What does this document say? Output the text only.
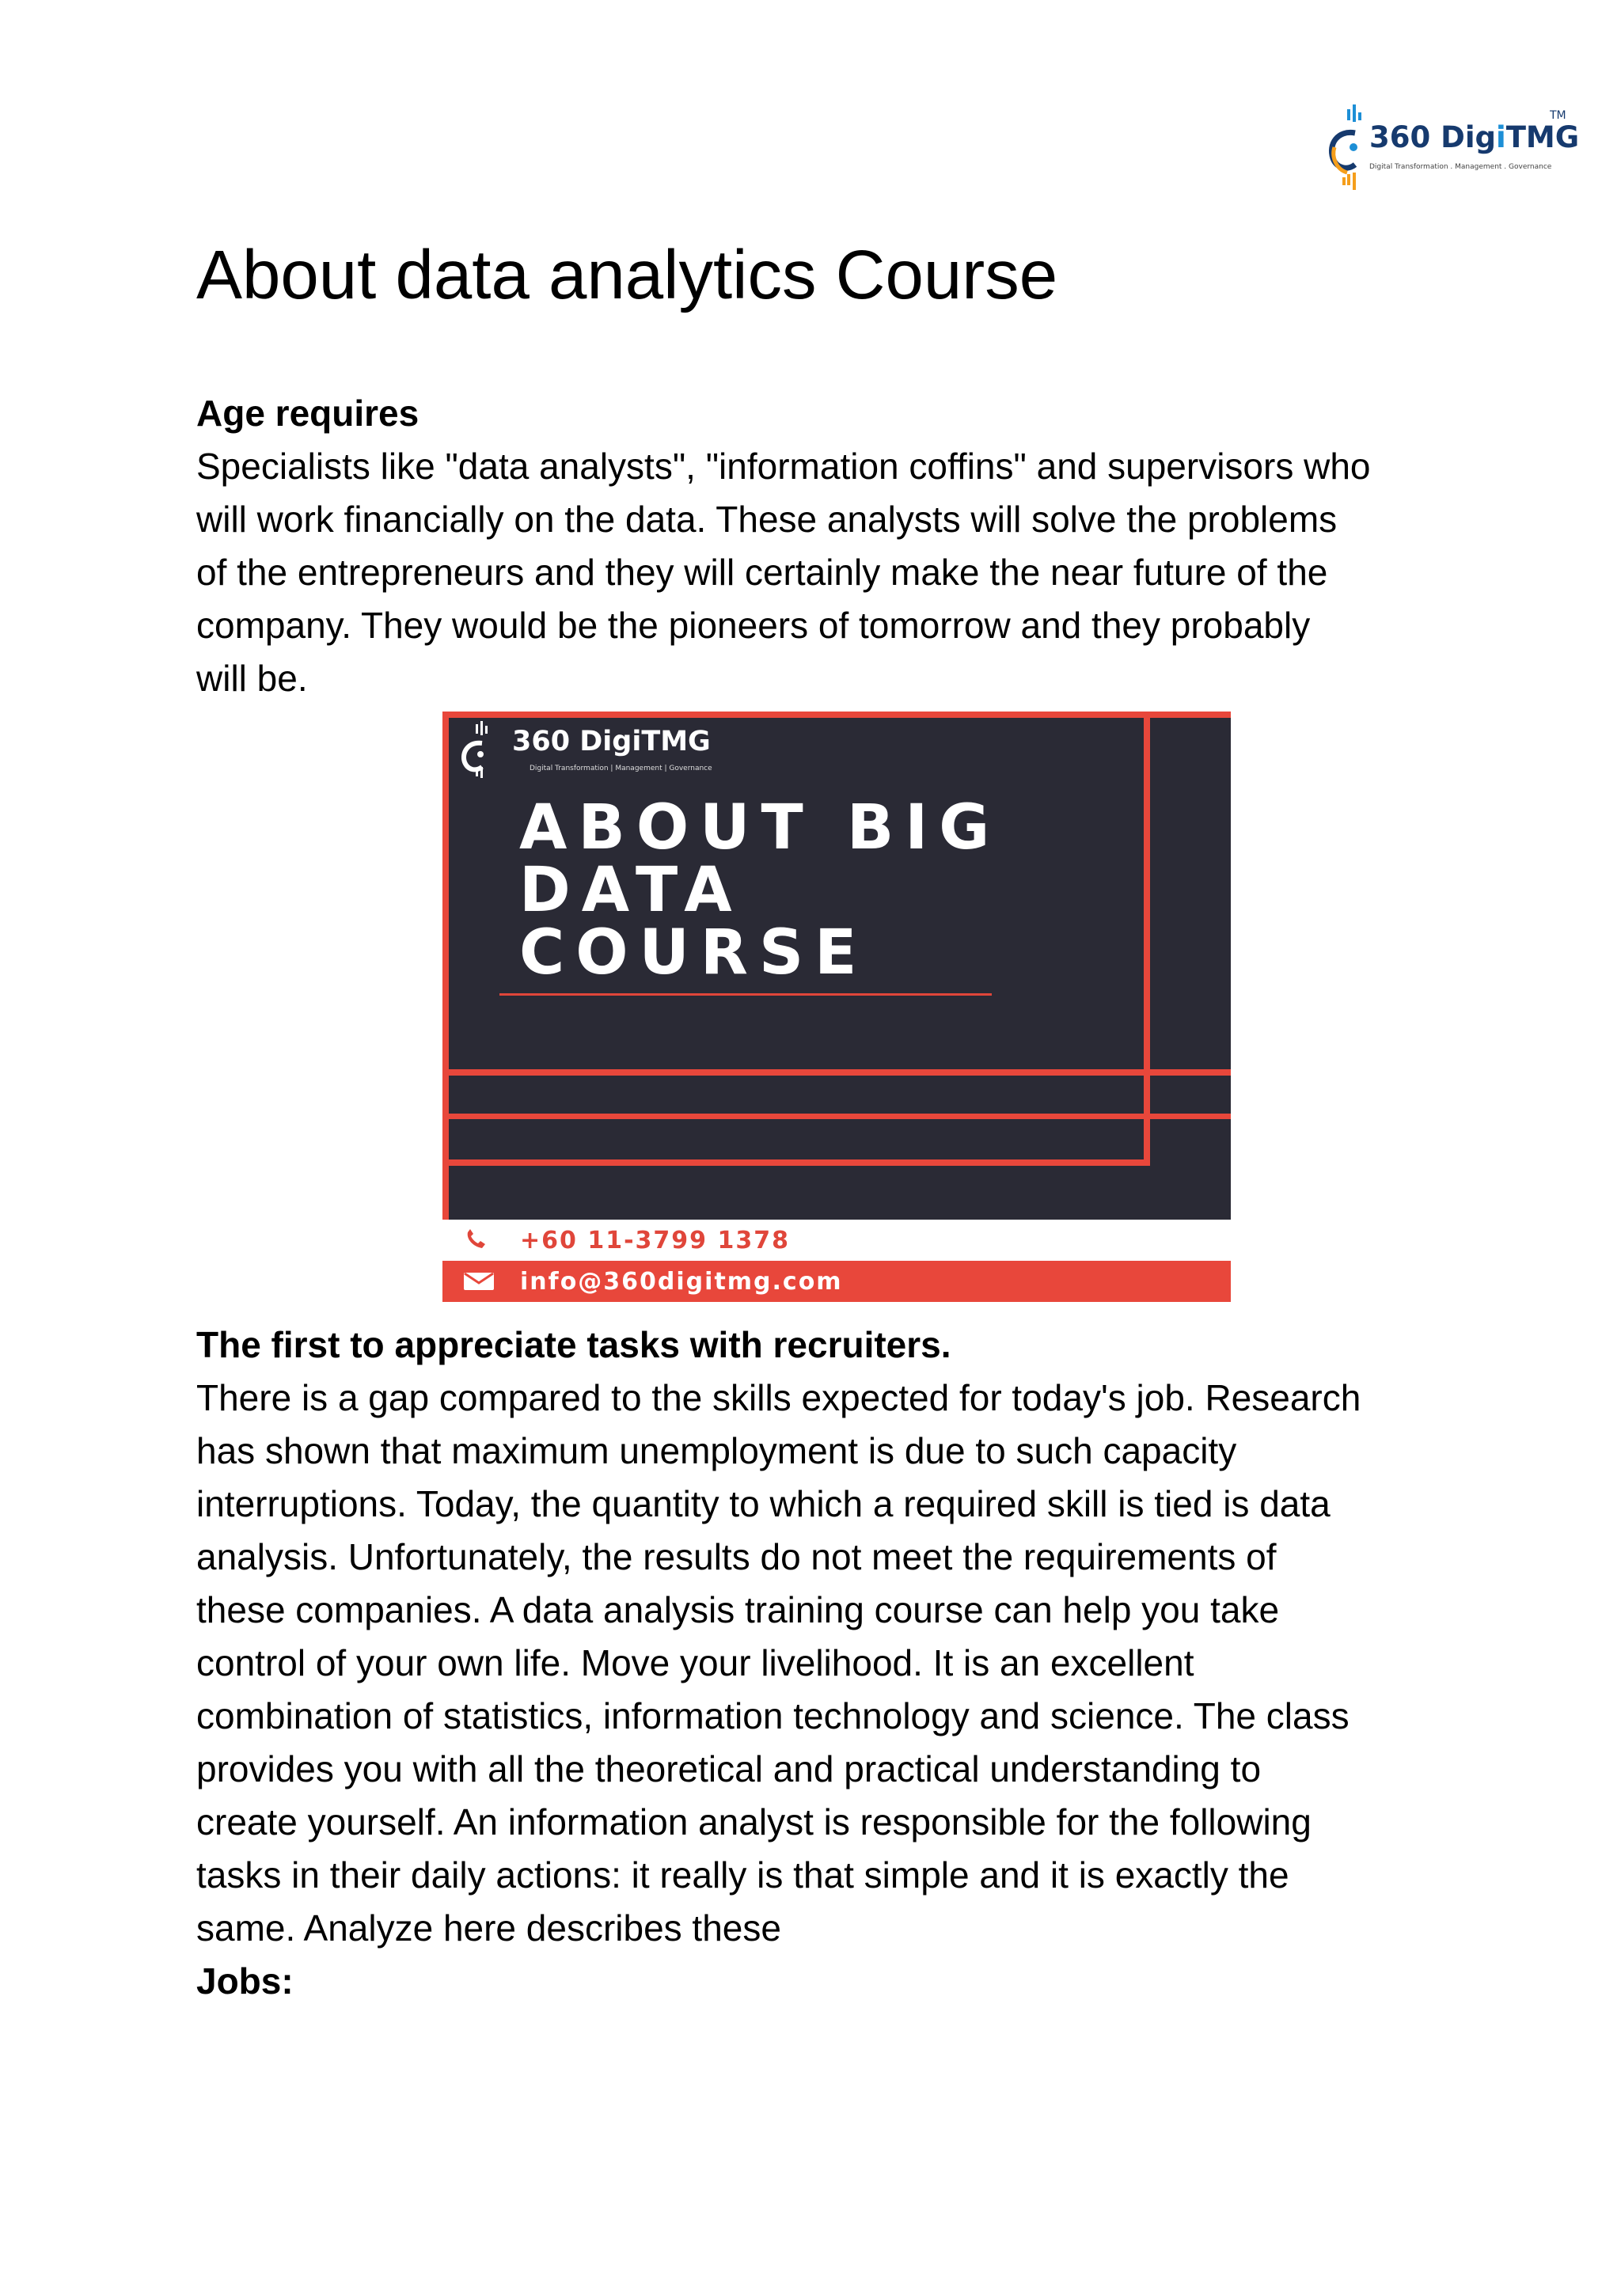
360 DigiTMG
TM
Digital Transformation . Management . Governance
About data analytics Course

Age requires

Specialists like "data analysts", "information coffins" and supervisors who

will work financially on the data. These analysts will solve the problems

of the entrepreneurs and they will certainly make the near future of the

company. They would be the pioneers of tomorrow and they probably

will be.

360 DigiTMG
Digital Transformation | Management | Governance
ABOUT BIG
DATA
COURSE
+60 11-3799 1378
info@360digitmg.com

The first to appreciate tasks with recruiters.

There is a gap compared to the skills expected for today's job. Research

has shown that maximum unemployment is due to such capacity

interruptions. Today, the quantity to which a required skill is tied is data

analysis. Unfortunately, the results do not meet the requirements of

these companies. A data analysis training course can help you take

control of your own life. Move your livelihood. It is an excellent

combination of statistics, information technology and science. The class

provides you with all the theoretical and practical understanding to

create yourself. An information analyst is responsible for the following

tasks in their daily actions: it really is that simple and it is exactly the

same. Analyze here describes these

Jobs:
